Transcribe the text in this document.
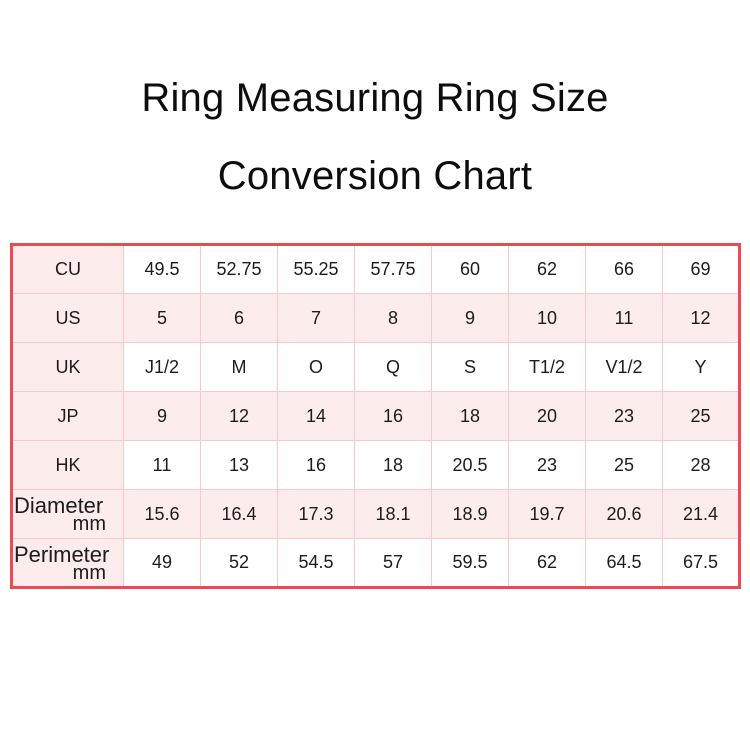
Ring Measuring Ring Size
Conversion Chart
CU	49.5	52.75	55.25	57.75	60	62	66	69
US	5	6	7	8	9	10	11	12
UK	J1/2	M	O	Q	S	T1/2	V1/2	Y
JP	9	12	14	16	18	20	23	25
HK	11	13	16	18	20.5	23	25	28

Diameter
mm	15.6	16.4	17.3	18.1	18.9	19.7	20.6	21.4

Perimeter
mm	49	52	54.5	57	59.5	62	64.5	67.5
